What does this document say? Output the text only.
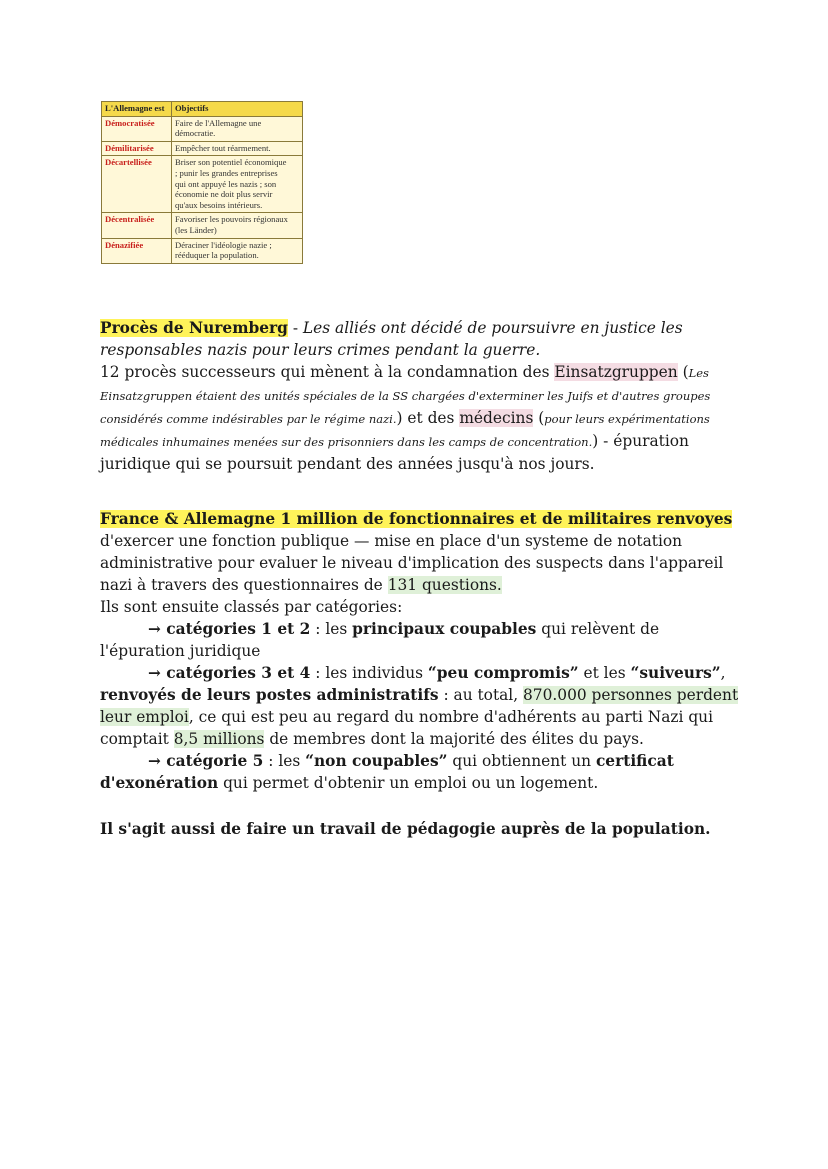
L'Allemagne est	Objectifs
Démocratisée	Faire de l'Allemagne une démocratie.
Démilitarisée	Empêcher tout réarmement.
Décartellisée	Briser son potentiel économique ; punir les grandes entreprises qui ont appuyé les nazis ; son économie ne doit plus servir qu'aux besoins intérieurs.
Décentralisée	Favoriser les pouvoirs régionaux (les Länder)
Dénazifiée	Déraciner l'idéologie nazie ; rééduquer la population.

Procès de Nuremberg - Les alliés ont décidé de poursuivre en justice les responsables nazis pour leurs crimes pendant la guerre.

12 procès successeurs qui mènent à la condamnation des Einsatzgruppen (Les Einsatzgruppen étaient des unités spéciales de la SS chargées d'exterminer les Juifs et d'autres groupes considérés comme indésirables par le régime nazi.) et des médecins (pour leurs expérimentations médicales inhumaines menées sur des prisonniers dans les camps de concentration.) - épuration juridique qui se poursuit pendant des années jusqu'à nos jours.

France & Allemagne 1 million de fonctionnaires et de militaires renvoyes
d'exercer une fonction publique — mise en place d'un systeme de notation administrative pour evaluer le niveau d'implication des suspects dans l'appareil nazi à travers des questionnaires de 131 questions.

Ils sont ensuite classés par catégories:

→ catégories 1 et 2 : les principaux coupables qui relèvent de l'épuration juridique

→ catégories 3 et 4 : les individus “peu compromis” et les “suiveurs”, renvoyés de leurs postes administratifs : au total, 870.000 personnes perdent leur emploi, ce qui est peu au regard du nombre d'adhérents au parti Nazi qui comptait 8,5 millions de membres dont la majorité des élites du pays.

→ catégorie 5 : les “non coupables” qui obtiennent un certificat d'exonération qui permet d'obtenir un emploi ou un logement.

Il s'agit aussi de faire un travail de pédagogie auprès de la population.
